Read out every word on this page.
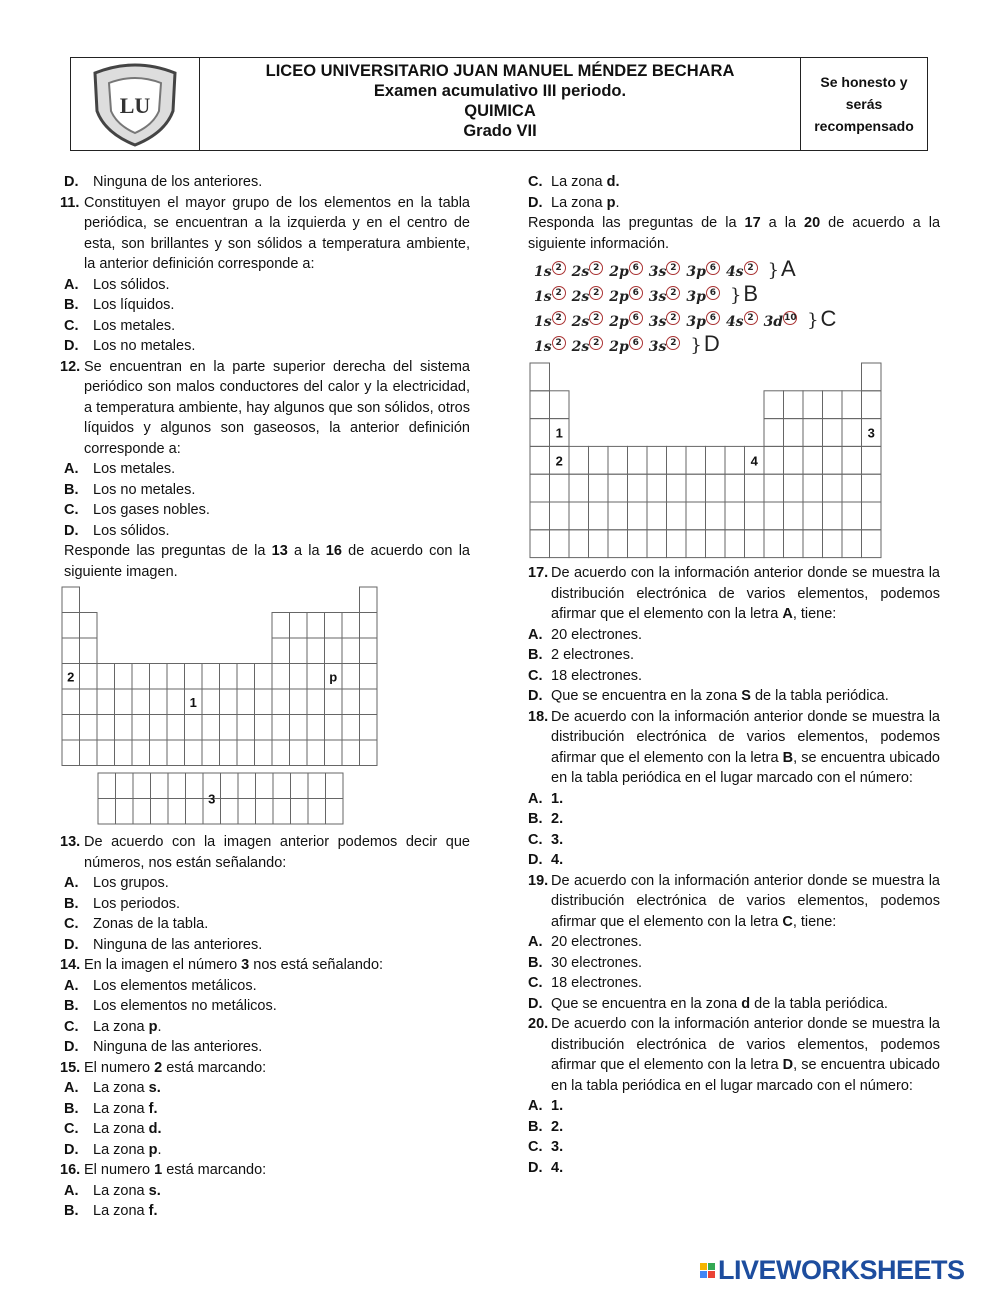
LU
LICEO UNIVERSITARIO JUAN MANUEL MÉNDEZ BECHARA
Examen acumulativo III periodo.
QUIMICA
Grado VII
Se honesto y
serás
recompensado
D. Ninguna de los anteriores.
11. Constituyen el mayor grupo de los elementos en la tabla periódica, se encuentran a la izquierda y en el centro de esta, son brillantes y son sólidos a temperatura ambiente, la anterior definición corresponde a:
A. Los sólidos.
B. Los líquidos.
C. Los metales.
D. Los no metales.
12. Se encuentran en la parte superior derecha del sistema periódico son malos conductores del calor y la electricidad, a temperatura ambiente, hay algunos que son sólidos, otros líquidos y algunos son gaseosos, la anterior definición corresponde a:
A. Los metales.
B. Los no metales.
C. Los gases nobles.
D. Los sólidos.
Responde las preguntas de la 13 a la 16 de acuerdo con la siguiente imagen.
2
1
p
3
13. De acuerdo con la imagen anterior podemos decir que números, nos están señalando:
A. Los grupos.
B. Los periodos.
C. Zonas de la tabla.
D. Ninguna de las anteriores.
14. En la imagen el número 3 nos está señalando:
A. Los elementos metálicos.
B. Los elementos no metálicos.
C. La zona p.
D. Ninguna de las anteriores.
15. El numero 2 está marcando:
A. La zona s.
B. La zona f.
C. La zona d.
D. La zona p.
16. El numero 1 está marcando:
A. La zona s.
B. La zona f.
C. La zona d.
D. La zona p.
Responda las preguntas de la 17 a la 20 de acuerdo a la siguiente información.
1s 2 2s 2 2p 6 3s 2 3p 6 4s 2 }A
1s 2 2s 2 2p 6 3s 2 3p 6 }B
1s 2 2s 2 2p 6 3s 2 3p 6 4s 2 3d10 }C
1s 2 2s 2 2p 6 3s 2 }D
1
2
3
4
17. De acuerdo con la información anterior donde se muestra la distribución electrónica de varios elementos, podemos afirmar que el elemento con la letra A, tiene:
A. 20 electrones.
B. 2 electrones.
C. 18 electrones.
D. Que se encuentra en la zona S de la tabla periódica.
18. De acuerdo con la información anterior donde se muestra la distribución electrónica de varios elementos, podemos afirmar que el elemento con la letra B, se encuentra ubicado en la tabla periódica en el lugar marcado con el número:
A. 1.
B. 2.
C. 3.
D. 4.
19. De acuerdo con la información anterior donde se muestra la distribución electrónica de varios elementos, podemos afirmar que el elemento con la letra C, tiene:
A. 20 electrones.
B. 30 electrones.
C. 18 electrones.
D. Que se encuentra en la zona d de la tabla periódica.
20. De acuerdo con la información anterior donde se muestra la distribución electrónica de varios elementos, podemos afirmar que el elemento con la letra D, se encuentra ubicado en la tabla periódica en el lugar marcado con el número:
A. 1.
B. 2.
C. 3.
D. 4.
LIVEWORKSHEETS
